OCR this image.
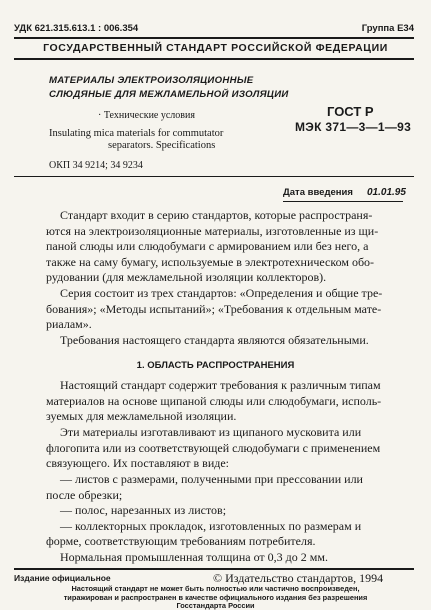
УДК 621.315.613.1 : 006.354	Группа Е34
ГОСУДАРСТВЕННЫЙ СТАНДАРТ РОССИЙСКОЙ ФЕДЕРАЦИИ
МАТЕРИАЛЫ ЭЛЕКТРОИЗОЛЯЦИОННЫЕ
СЛЮДЯНЫЕ ДЛЯ МЕЖЛАМЕЛЬНОЙ ИЗОЛЯЦИИ
· Технические условия
Insulating mica materials for commutator
separators. Specifications
ОКП 34 9214; 34 9234
ГОСТ Р
МЭК 371—3—1—93
Дата введения 01.01.95
Стандарт входит в серию стандартов, которые распространя-
ются на электроизоляционные материалы, изготовленные из щи-
паной слюды или слюдобумаги с армированием или без него, а
также на саму бумагу, используемые в электротехническом обо-
рудовании (для межламельной изоляции коллекторов).
Серия состоит из трех стандартов: «Определения и общие тре-
бования»; «Методы испытаний»; «Требования к отдельным мате-
риалам».
Требования настоящего стандарта являются обязательными.
1. ОБЛАСТЬ РАСПРОСТРАНЕНИЯ
Настоящий стандарт содержит требования к различным типам
материалов на основе щипаной слюды или слюдобумаги, исполь-
зуемых для межламельной изоляции.
Эти материалы изготавливают из щипаного мусковита или
флогопита или из соответствующей слюдобумаги с применением
связующего. Их поставляют в виде:
— листов с размерами, полученными при прессовании или
после обрезки;
— полос, нарезанных из листов;
— коллекторных прокладок, изготовленных по размерам и
форме, соответствующим требованиям потребителя.
Нормальная промышленная толщина от 0,3 до 2 мм.
Издание официальное	© Издательство стандартов, 1994
Настоящий стандарт не может быть полностью или частично воспроизведен,
тиражирован и распространен в качестве официального издания без разрешения
Госстандарта России
